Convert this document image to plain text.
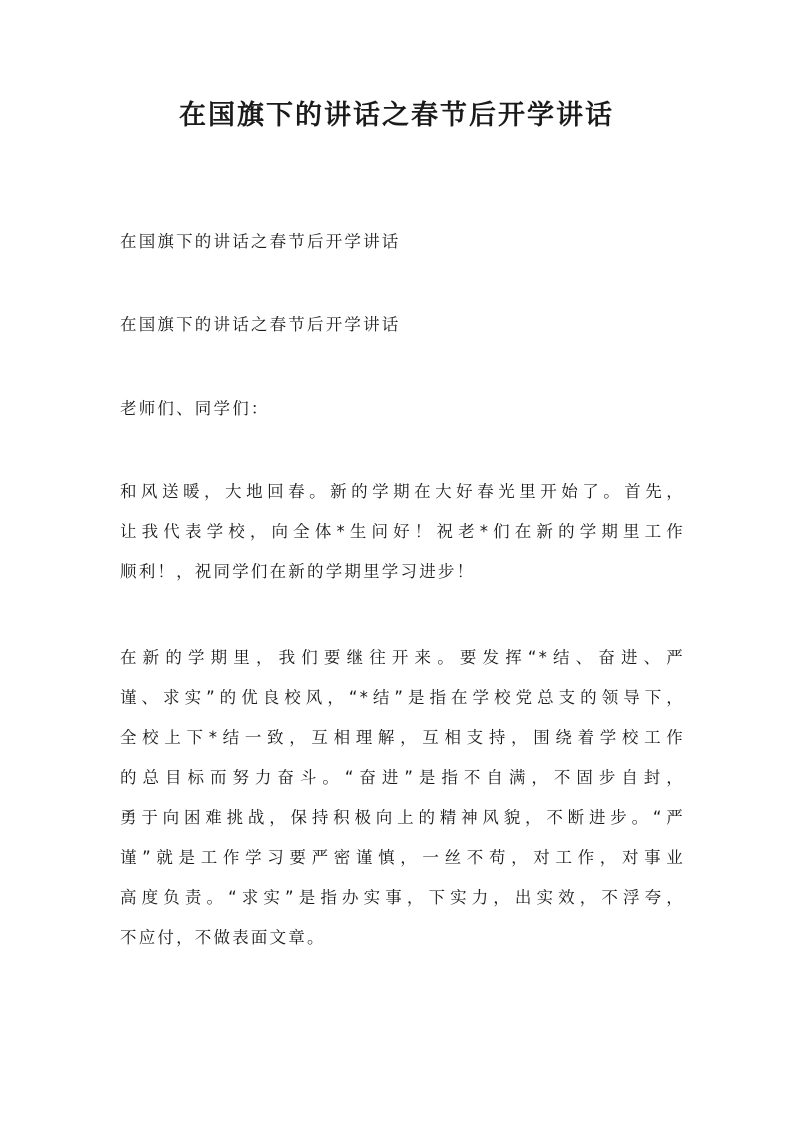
在国旗下的讲话之春节后开学讲话

在国旗下的讲话之春节后开学讲话

在国旗下的讲话之春节后开学讲话

老师们、同学们：

和风送暖，大地回春。新的学期在大好春光里开始了。首先，
让我代表学校，向全体*生问好！祝老*们在新的学期里工作
顺利！，祝同学们在新的学期里学习进步！

在新的学期里，我们要继往开来。要发挥“*结、奋进、严
谨、求实”的优良校风，“*结”是指在学校党总支的领导下，
全校上下*结一致，互相理解，互相支持，围绕着学校工作
的总目标而努力奋斗。“奋进”是指不自满，不固步自封，
勇于向困难挑战，保持积极向上的精神风貌，不断进步。“严
谨”就是工作学习要严密谨慎，一丝不苟，对工作，对事业
高度负责。“求实”是指办实事，下实力，出实效，不浮夸，
不应付，不做表面文章。
